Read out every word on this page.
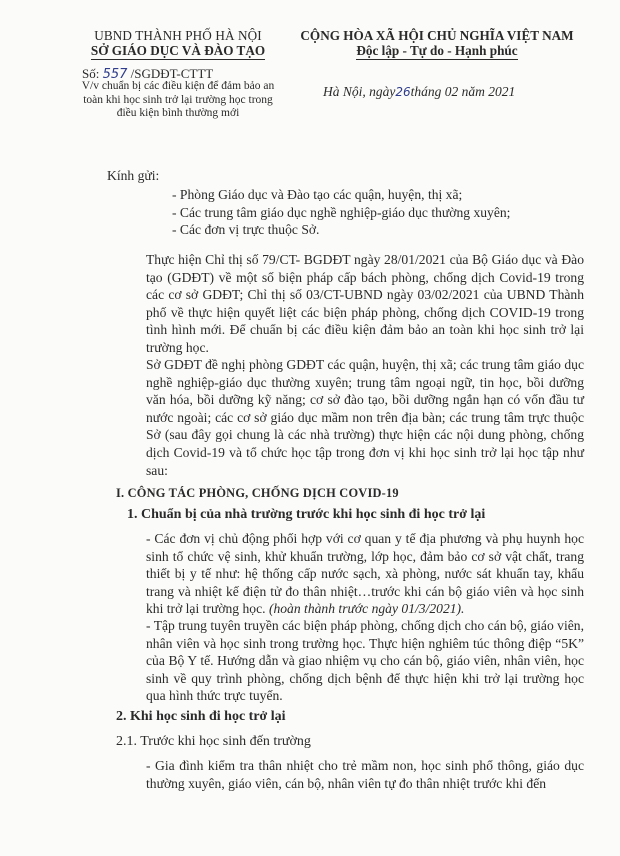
UBND THÀNH PHỐ HÀ NỘI
SỞ GIÁO DỤC VÀ ĐÀO TẠO
Số: 557 /SGDĐT-CTTT
V/v chuẩn bị các điều kiện để đảm bảo an toàn khi học sinh trở lại trường học trong điều kiện bình thường mới
CỘNG HÒA XÃ HỘI CHỦ NGHĨA VIỆT NAM
Độc lập - Tự do - Hạnh phúc
Hà Nội, ngày26tháng 02 năm 2021
Kính gửi:
- Phòng Giáo dục và Đào tạo các quận, huyện, thị xã;
- Các trung tâm giáo dục nghề nghiệp-giáo dục thường xuyên;
- Các đơn vị trực thuộc Sở.

Thực hiện Chỉ thị số 79/CT- BGDĐT ngày 28/01/2021 của Bộ Giáo dục và Đào tạo (GDĐT) về một số biện pháp cấp bách phòng, chống dịch Covid-19 trong các cơ sở GDĐT; Chỉ thị số 03/CT-UBND ngày 03/02/2021 của UBND Thành phố về thực hiện quyết liệt các biện pháp phòng, chống dịch COVID-19 trong tình hình mới. Để chuẩn bị các điều kiện đảm bảo an toàn khi học sinh trở lại trường học.

Sở GDĐT đề nghị phòng GDĐT các quận, huyện, thị xã; các trung tâm giáo dục nghề nghiệp-giáo dục thường xuyên; trung tâm ngoại ngữ, tin học, bồi dưỡng văn hóa, bồi dưỡng kỹ năng; cơ sở đào tạo, bồi dưỡng ngắn hạn có vốn đầu tư nước ngoài; các cơ sở giáo dục mầm non trên địa bàn; các trung tâm trực thuộc Sở (sau đây gọi chung là các nhà trường) thực hiện các nội dung phòng, chống dịch Covid-19 và tổ chức học tập trong đơn vị khi học sinh trở lại học tập như sau:

I. CÔNG TÁC PHÒNG, CHỐNG DỊCH COVID-19
1. Chuẩn bị của nhà trường trước khi học sinh đi học trở lại

- Các đơn vị chủ động phối hợp với cơ quan y tế địa phương và phụ huynh học sinh tổ chức vệ sinh, khử khuẩn trường, lớp học, đảm bảo cơ sở vật chất, trang thiết bị y tế như: hệ thống cấp nước sạch, xà phòng, nước sát khuẩn tay, khẩu trang và nhiệt kế điện tử đo thân nhiệt…trước khi cán bộ giáo viên và học sinh khi trở lại trường học. (hoàn thành trước ngày 01/3/2021).

- Tập trung tuyên truyền các biện pháp phòng, chống dịch cho cán bộ, giáo viên, nhân viên và học sinh trong trường học. Thực hiện nghiêm túc thông điệp “5K” của Bộ Y tế. Hướng dẫn và giao nhiệm vụ cho cán bộ, giáo viên, nhân viên, học sinh về quy trình phòng, chống dịch bệnh để thực hiện khi trở lại trường học qua hình thức trực tuyến.

2. Khi học sinh đi học trở lại
2.1. Trước khi học sinh đến trường

- Gia đình kiểm tra thân nhiệt cho trẻ mầm non, học sinh phổ thông, giáo dục thường xuyên, giáo viên, cán bộ, nhân viên tự đo thân nhiệt trước khi đến
